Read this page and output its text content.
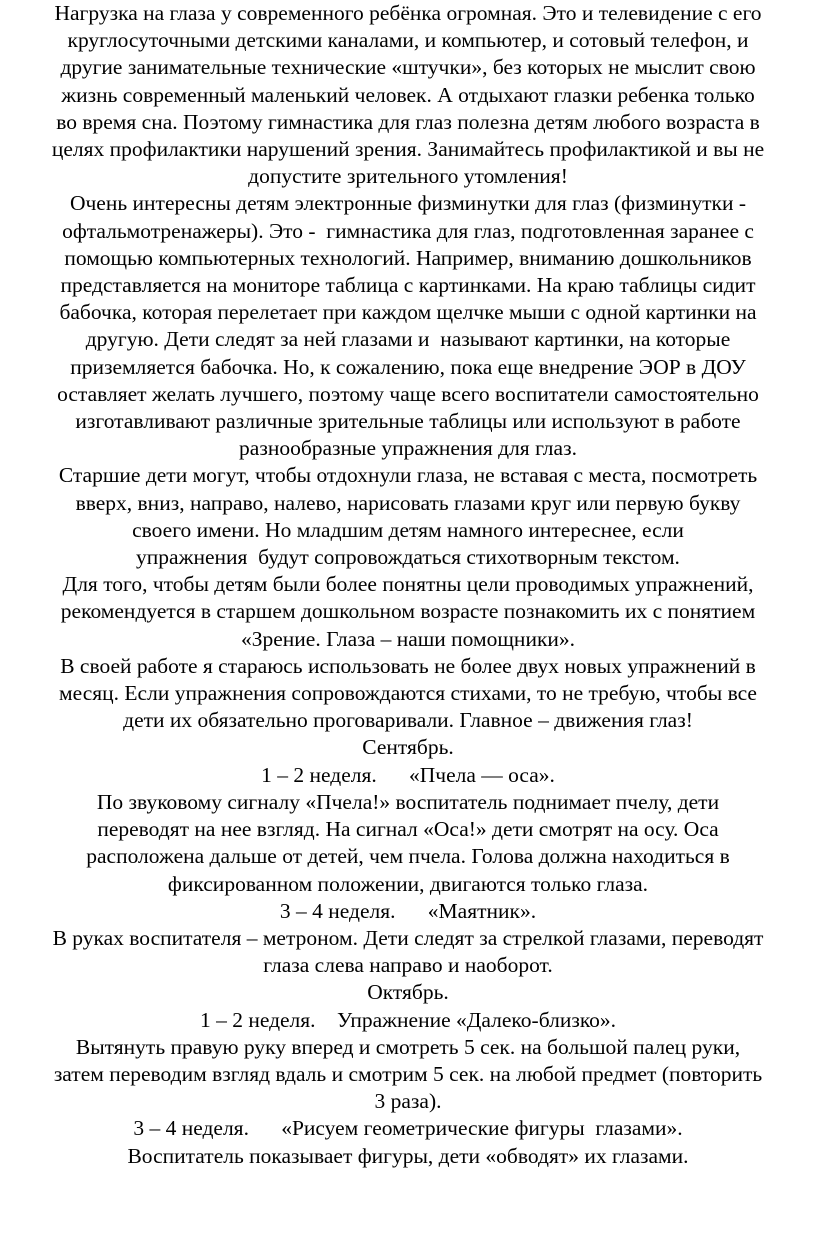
Нагрузка на глаза у современного ребёнка огромная. Это и телевидение с его
круглосуточными детскими каналами, и компьютер, и сотовый телефон, и
другие занимательные технические «штучки», без которых не мыслит свою
жизнь современный маленький человек. А отдыхают глазки ребенка только
во время сна. Поэтому гимнастика для глаз полезна детям любого возраста в
целях профилактики нарушений зрения. Занимайтесь профилактикой и вы не
допустите зрительного утомления!
Очень интересны детям электронные физминутки для глаз (физминутки -
офтальмотренажеры). Это -  гимнастика для глаз, подготовленная заранее с
помощью компьютерных технологий. Например, вниманию дошкольников
представляется на мониторе таблица с картинками. На краю таблицы сидит
бабочка, которая перелетает при каждом щелчке мыши с одной картинки на
другую. Дети следят за ней глазами и  называют картинки, на которые
приземляется бабочка. Но, к сожалению, пока еще внедрение ЭОР в ДОУ
оставляет желать лучшего, поэтому чаще всего воспитатели самостоятельно
изготавливают различные зрительные таблицы или используют в работе
разнообразные упражнения для глаз.
Старшие дети могут, чтобы отдохнули глаза, не вставая с места, посмотреть
вверх, вниз, направо, налево, нарисовать глазами круг или первую букву
своего имени. Но младшим детям намного интереснее, если
упражнения  будут сопровождаться стихотворным текстом.
Для того, чтобы детям были более понятны цели проводимых упражнений,
рекомендуется в старшем дошкольном возрасте познакомить их с понятием
«Зрение. Глаза – наши помощники».
В своей работе я стараюсь использовать не более двух новых упражнений в
месяц. Если упражнения сопровождаются стихами, то не требую, чтобы все
дети их обязательно проговаривали. Главное – движения глаз!
Сентябрь.
1 – 2 неделя.      «Пчела — оса».
По звуковому сигналу «Пчела!» воспитатель поднимает пчелу, дети
переводят на нее взгляд. На сигнал «Оса!» дети смотрят на осу. Оса
расположена дальше от детей, чем пчела. Голова должна находиться в
фиксированном положении, двигаются только глаза.
3 – 4 неделя.      «Маятник».
В руках воспитателя – метроном. Дети следят за стрелкой глазами, переводят
глаза слева направо и наоборот.
Октябрь.
1 – 2 неделя.    Упражнение «Далеко-близко».
Вытянуть правую руку вперед и смотреть 5 сек. на большой палец руки,
затем переводим взгляд вдаль и смотрим 5 сек. на любой предмет (повторить
3 раза).
3 – 4 неделя.      «Рисуем геометрические фигуры  глазами».
Воспитатель показывает фигуры, дети «обводят» их глазами.
